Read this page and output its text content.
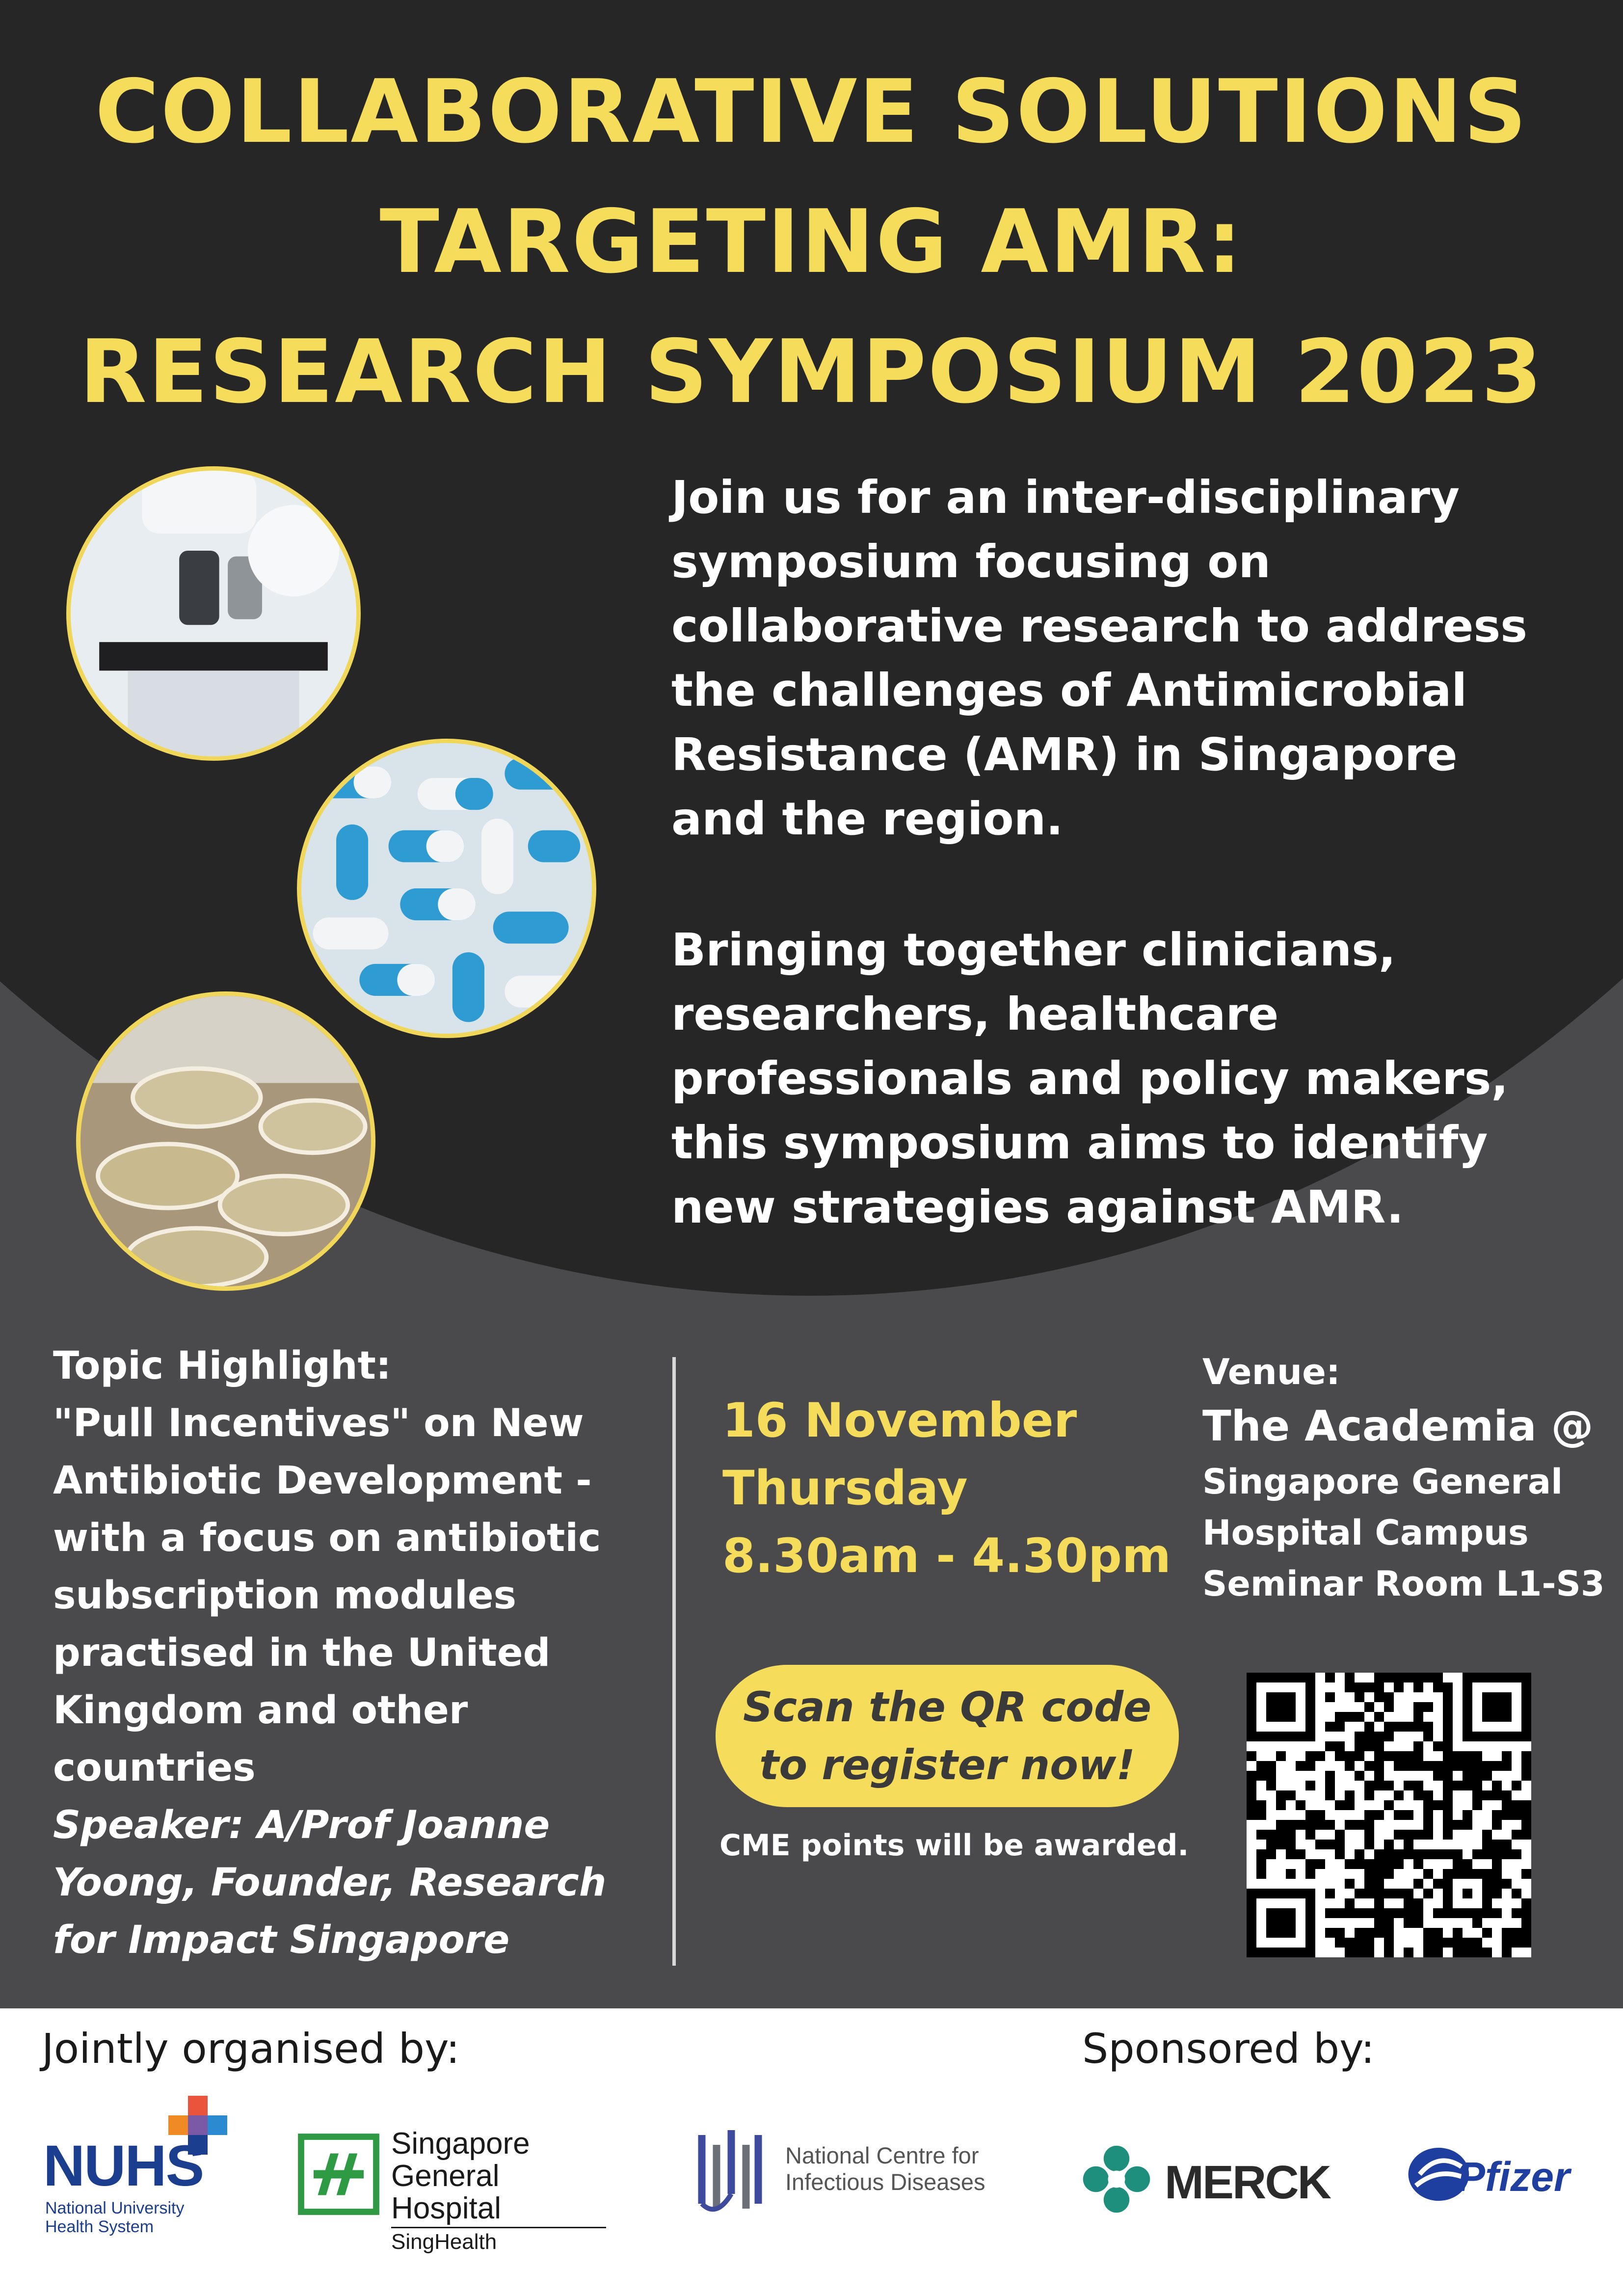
COLLABORATIVE SOLUTIONS
TARGETING AMR:
RESEARCH SYMPOSIUM 2023

Join us for an inter-disciplinary symposium focusing on collaborative research to address the challenges of Antimicrobial Resistance (AMR) in Singapore and the region.

Bringing together clinicians, researchers, healthcare professionals and policy makers, this symposium aims to identify new strategies against AMR.

Topic Highlight:

"Pull Incentives" on New Antibiotic Development -with a focus on antibiotic subscription modules practised in the United Kingdom and other countries

Speaker: A/Prof Joanne Yoong, Founder, Research for Impact Singapore

16 November
Thursday
8.30am - 4.30pm
Venue:
The Academia @
Singapore General
Hospital Campus
Seminar Room L1-S3
Scan the QR code
to register now!
CME points will be awarded.
Jointly organised by:	Sponsored by:
NUHS
National University
Health System
Singapore
General Hospital
SingHealth
National Centre for
Infectious Diseases	MERCK	Pfizer
